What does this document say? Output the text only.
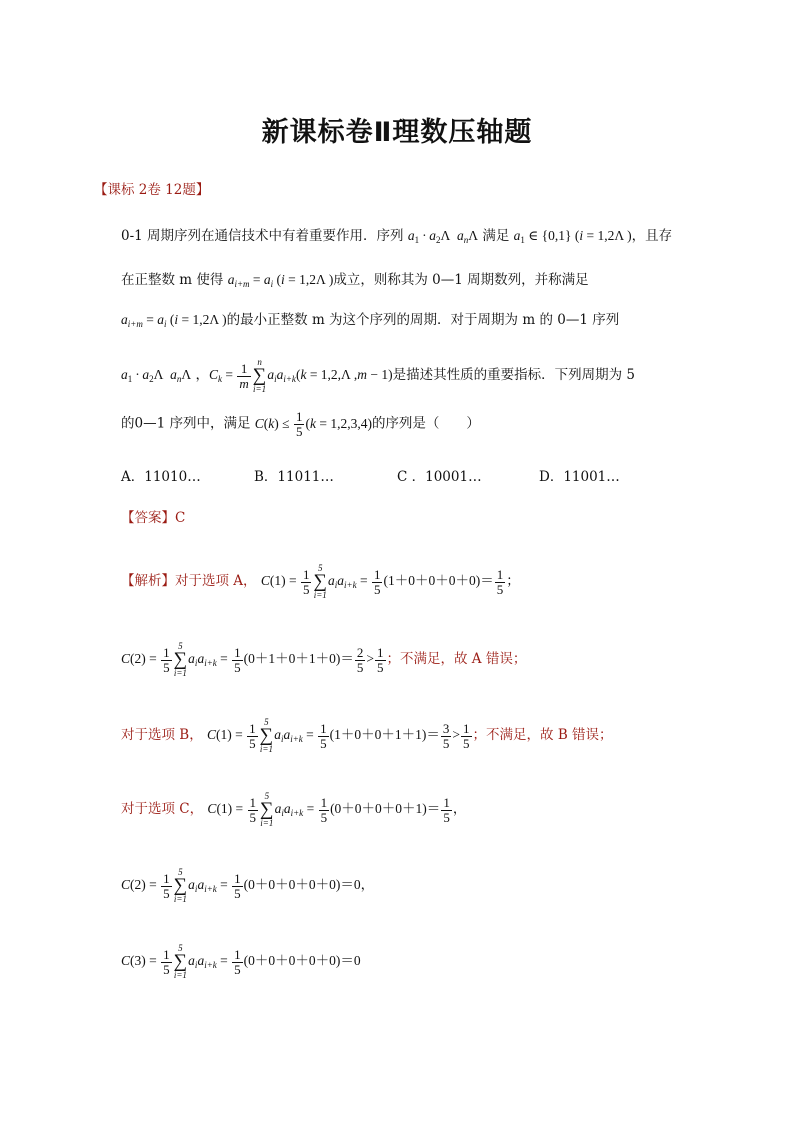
新课标卷Ⅱ理数压轴题
【课标 2卷 12题】
0-1 周期序列在通信技术中有着重要作用．序列 $a_1 \cdot a_2\Lambda$  $a_n\Lambda$ 满足 $a_1$ ∈ {0,1} (i = 1,2Λ )，且存
在正整数 m 使得 $a_{i+m} = a_i$ (i = 1,2Λ )成立，则称其为 0—1 周期数列，并称满足
$a_{i+m} = a_i$ (i = 1,2Λ )的最小正整数 m 为这个序列的周期．对于周期为 m 的 0—1 序列
$a_1 \cdot a_2\Lambda$  $a_n\Lambda$ ，$C_k = \frac{1}{m}$ n
∑
i=1
$a_ia_{i+k}(k = 1,2,\Lambda$ ,m − 1)是描述其性质的重要指标．下列周期为 5
的0—1 序列中，满足 $C(k) \le \frac{1}{5} (k = 1,2,3,4)$的序列是（　　）
A．11010…	B．11011…	C ．10001…	D．11001…
【答案】C
【解析】对于选项 A， $C(1) = \frac{1}{5} 5$
∑
i=1
$a_ia_{i+k} = \frac{1}{5} (1+0+0+0+0)= \frac{1}{5}$ ；
$C(2) = \frac{1}{5} 5$
∑
i=1
$a_ia_{i+k} = \frac{1}{5} (0+1+0+1+0)= \frac{2}{5} > \frac{1}{5}$ ；不满足，故 A 错误；
对于选项 B， $C(1) = \frac{1}{5} 5$
∑
i=1
$a_ia_{i+k} = \frac{1}{5} (1+0+0+1+1)= \frac{3}{5} > \frac{1}{5}$ ；不满足，故 B 错误；
对于选项 C， $C(1) = \frac{1}{5} 5$
∑
i=1
$a_ia_{i+k} = \frac{1}{5} (0+0+0+0+1)= \frac{1}{5}$ ，
$C(2) = \frac{1}{5} 5$
∑
i=1
$a_ia_{i+k} = \frac{1}{5} (0+0+0+0+0)=0$，
$C(3) = \frac{1}{5} 5$
∑
i=1
$a_ia_{i+k} = \frac{1}{5} (0+0+0+0+0)=0$
